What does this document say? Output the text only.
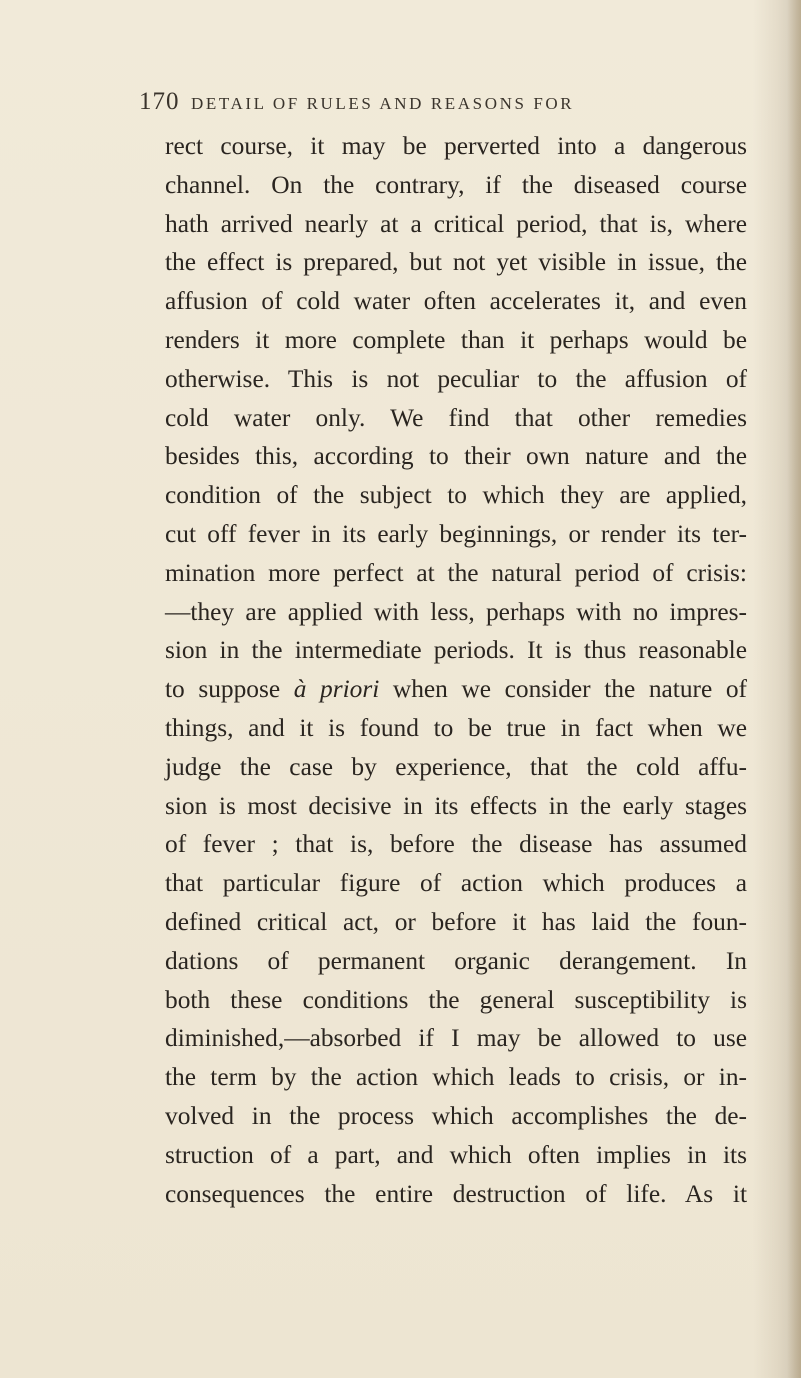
170 DETAIL OF RULES AND REASONS FOR
rect course, it may be perverted into a dangerous
channel. On the contrary, if the diseased course
hath arrived nearly at a critical period, that is, where
the effect is prepared, but not yet visible in issue, the
affusion of cold water often accelerates it, and even
renders it more complete than it perhaps would be
otherwise. This is not peculiar to the affusion of
cold water only. We find that other remedies
besides this, according to their own nature and the
condition of the subject to which they are applied,
cut off fever in its early beginnings, or render its ter-
mination more perfect at the natural period of crisis:
—they are applied with less, perhaps with no impres-
sion in the intermediate periods. It is thus reasonable
to suppose à priori when we consider the nature of
things, and it is found to be true in fact when we
judge the case by experience, that the cold affu-
sion is most decisive in its effects in the early stages
of fever ; that is, before the disease has assumed
that particular figure of action which produces a
defined critical act, or before it has laid the foun-
dations of permanent organic derangement. In
both these conditions the general susceptibility is
diminished,—absorbed if I may be allowed to use
the term by the action which leads to crisis, or in-
volved in the process which accomplishes the de-
struction of a part, and which often implies in its
consequences the entire destruction of life. As it
